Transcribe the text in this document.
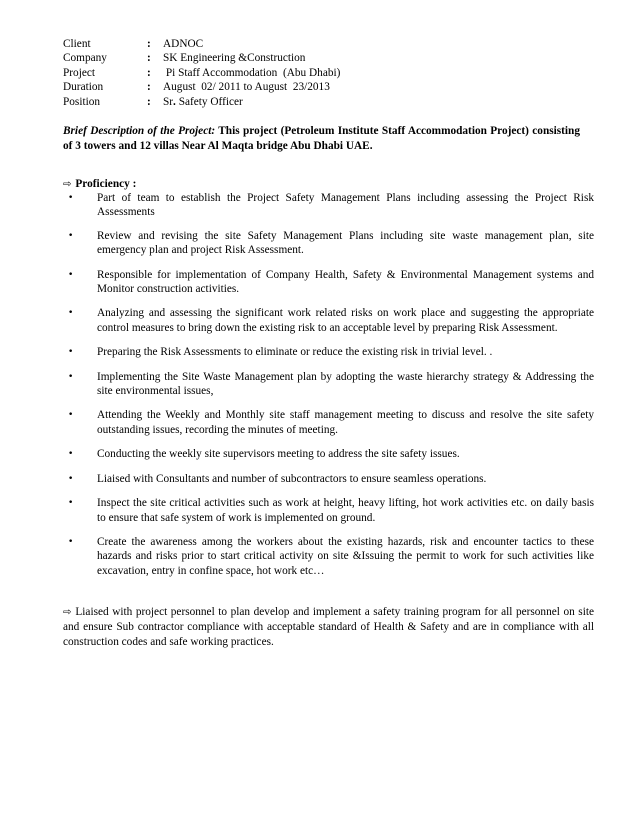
Client	:	ADNOC
Company	:	SK Engineering &Construction
Project	:	Pi Staff Accommodation  (Abu Dhabi)
Duration	:	August  02/ 2011 to August  23/2013
Position	:	Sr. Safety Officer
Brief Description of the Project: This project (Petroleum Institute Staff Accommodation Project) consisting of 3 towers and 12 villas Near Al Maqta bridge Abu Dhabi UAE.
⇨ Proficiency :
•	Part of team to establish the Project Safety Management Plans including assessing the Project Risk Assessments
•	Review and revising the site Safety Management Plans including site waste management plan, site emergency plan and project Risk Assessment.
•	Responsible for implementation of Company Health, Safety & Environmental Management systems and Monitor construction activities.
•	Analyzing and assessing the significant work related risks on work place and suggesting the appropriate control measures to bring down the existing risk to an acceptable level by preparing Risk Assessment.
•	Preparing the Risk Assessments to eliminate or reduce the existing risk in trivial level. .
•	Implementing the Site Waste Management plan by adopting the waste hierarchy strategy & Addressing the site environmental issues,
•	Attending the Weekly and Monthly site staff management meeting to discuss and resolve the site safety outstanding issues, recording the minutes of meeting.
•	Conducting the weekly site supervisors meeting to address the site safety issues.
•	Liaised with Consultants and number of subcontractors to ensure seamless operations.
•	Inspect the site critical activities such as work at height, heavy lifting, hot work activities etc. on daily basis to ensure that safe system of work is implemented on ground.
•	Create the awareness among the workers about the existing hazards, risk and encounter tactics to these hazards and risks prior to start critical activity on site &Issuing the permit to work for such activities like excavation, entry in confine space, hot work etc…
⇨ Liaised with project personnel to plan develop and implement a safety training program for all personnel on site and ensure Sub contractor compliance with acceptable standard of Health & Safety and are in compliance with all construction codes and safe working practices.
